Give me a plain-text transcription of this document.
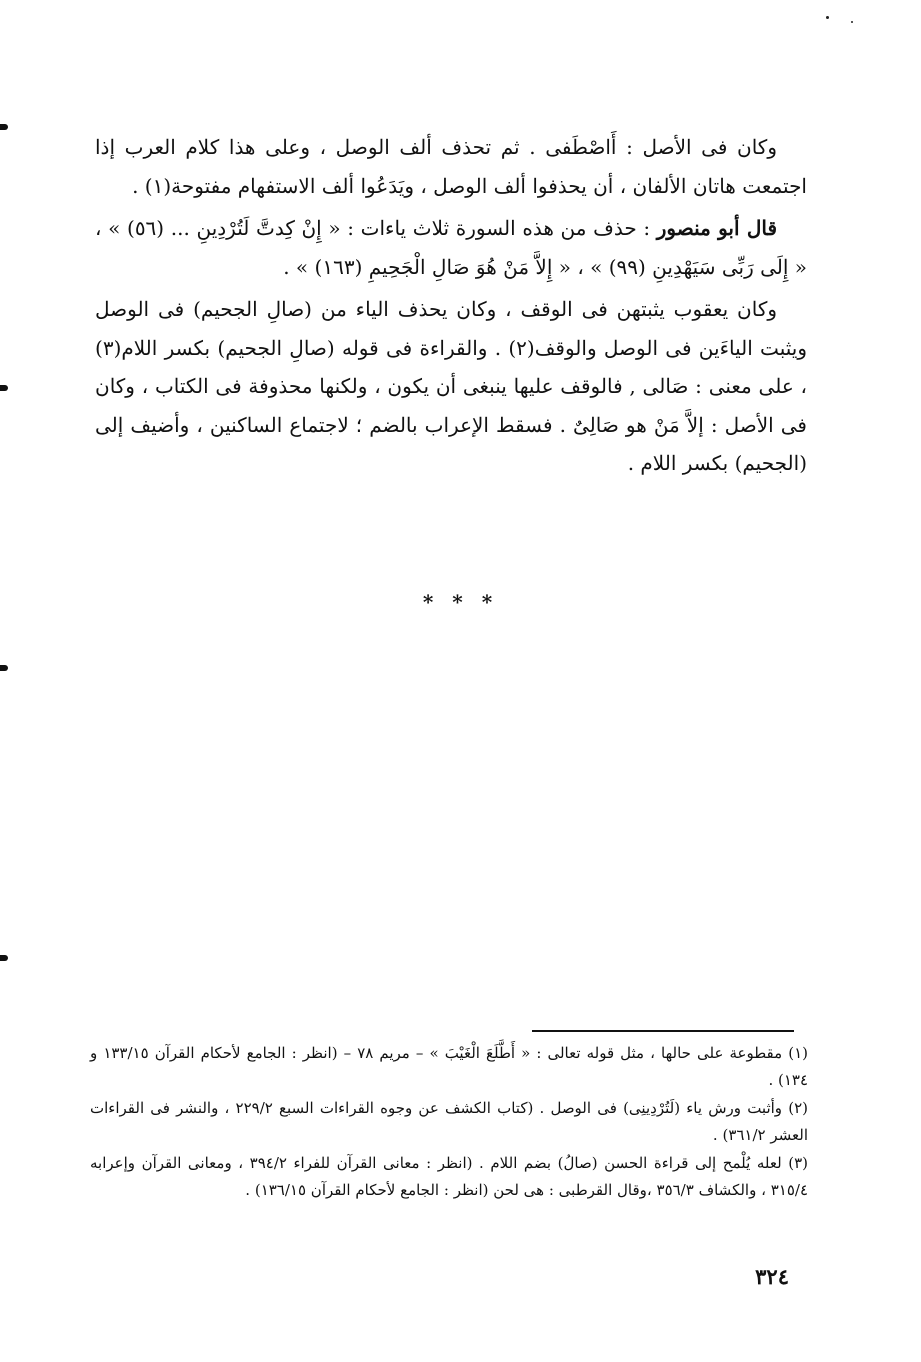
وكان فى الأصل : أَاصْطَفى . ثم تحذف ألف الوصل ، وعلى هذا كلام العرب إذا اجتمعت هاتان الألفان ، أن يحذفوا ألف الوصل ، ويَدَعُوا ألف الاستفهام مفتوحة(١) .

قال أبو منصور : حذف من هذه السورة ثلاث ياءات : « إِنْ كِدتَّ لَتُرْدِينِ ... (٥٦) » ، « إِلَى رَبِّى سَيَهْدِينِ (٩٩) » ، « إِلاَّ مَنْ هُوَ صَالِ الْجَحِيمِ (١٦٣) » .

وكان يعقوب يثبتهن فى الوقف ، وكان يحذف الياء من (صالِ الجحيم) فى الوصل ويثبت الياءَين فى الوصل والوقف(٢) . والقراءة فى قوله (صالِ الجحيم) بكسر اللام(٣) ، على معنى : صَالى , فالوقف عليها ينبغى أن يكون ، ولكنها محذوفة فى الكتاب ، وكان فى الأصل : إلاَّ مَنْ هو صَالِىٌ . فسقط الإعراب بالضم ؛ لاجتماع الساكنين ، وأضيف إلى (الجحيم) بكسر اللام .

* * *

(١) مقطوعة على حالها ، مثل قوله تعالى : « أَطَّلَعَ الْغَيْبَ » – مريم ٧٨ – (انظر : الجامع لأحكام القرآن ١٣٣/١٥ و ١٣٤) .

(٢) وأثبت ورش ياء (لَتُرْدِينِى) فى الوصل . (كتاب الكشف عن وجوه القراءات السبع ٢٢٩/٢ ، والنشر فى القراءات العشر ٣٦١/٢) .

(٣) لعله يُلْمح إلى قراءة الحسن (صالُ) بضم اللام . (انظر : معانى القرآن للفراء ٣٩٤/٢ ، ومعانى القرآن وإعرابه ٣١٥/٤ ، والكشاف ٣٥٦/٣ ،وقال القرطبى : هى لحن (انظر : الجامع لأحكام القرآن ١٣٦/١٥) .

٣٢٤
